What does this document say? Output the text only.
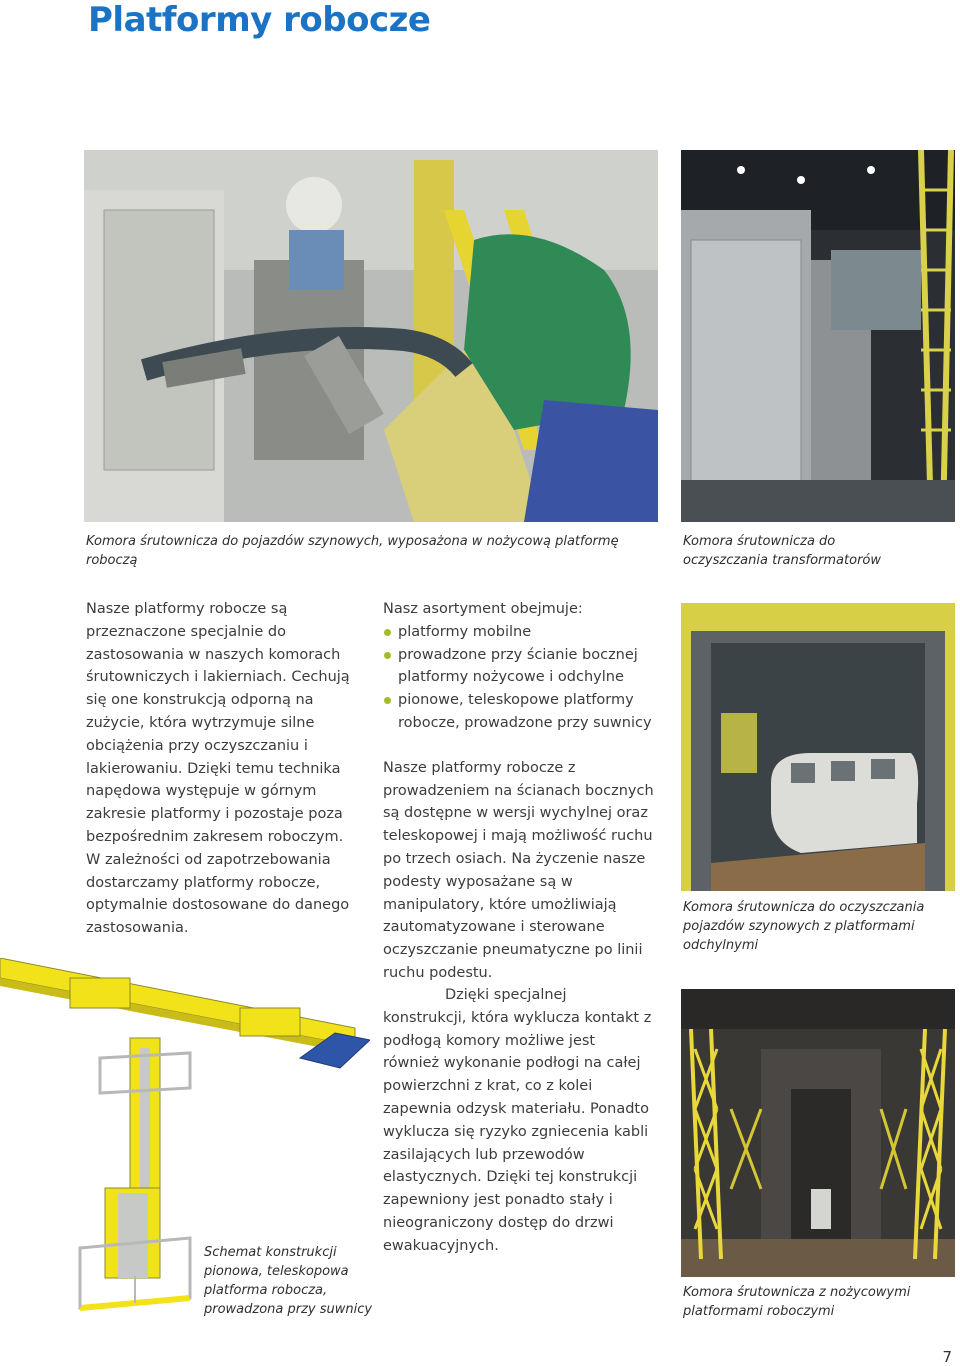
Platformy robocze
Komora śrutownicza do pojazdów szynowych, wyposażona w nożycową platformę roboczą
Komora śrutownicza do oczyszczania transformatorów

Nasze platformy robocze są przeznaczone specjalnie do zastosowania w naszych komorach śrutowniczych i lakierniach. Cechują się one konstrukcją odporną na zużycie, która wytrzymuje silne obciążenia przy oczyszczaniu i lakierowaniu. Dzięki temu technika napędowa występuje w górnym zakresie platformy i pozostaje poza bezpośrednim zakresem roboczym. W zależności od zapotrzebowania dostarczamy platformy robocze, optymalnie dostosowane do danego zastosowania.

Nasz asortyment obejmuje:

platformy mobilne
prowadzone przy ścianie bocznej platformy nożycowe i odchylne
pionowe, teleskopowe platformy robocze, prowadzone przy suwnicy

Nasze platformy robocze z prowadzeniem na ścianach bocznych są dostępne w wersji wychylnej oraz teleskopowej i mają możliwość ruchu po trzech osiach. Na życzenie nasze podesty wyposażane są w manipulatory, które umożliwiają zautomatyzowane i sterowane oczyszczanie pneumatyczne po linii ruchu podestu.

Komora śrutownicza do oczyszczania pojazdów szynowych z platformami odchylnymi
Schemat konstrukcji pionowa, teleskopowa platforma robocza, prowadzona przy suwnicy

Dzięki specjalnej konstrukcji, która wyklucza kontakt z podłogą komory możliwe jest również wykonanie podłogi na całej powierzchni z krat, co z kolei zapewnia odzysk materiału. Ponadto wyklucza się ryzyko zgniecenia kabli zasilających lub przewodów elastycznych. Dzięki tej konstrukcji zapewniony jest ponadto stały i nieograniczony dostęp do drzwi ewakuacyjnych.

Komora śrutownicza z nożycowymi platformami roboczymi
7
